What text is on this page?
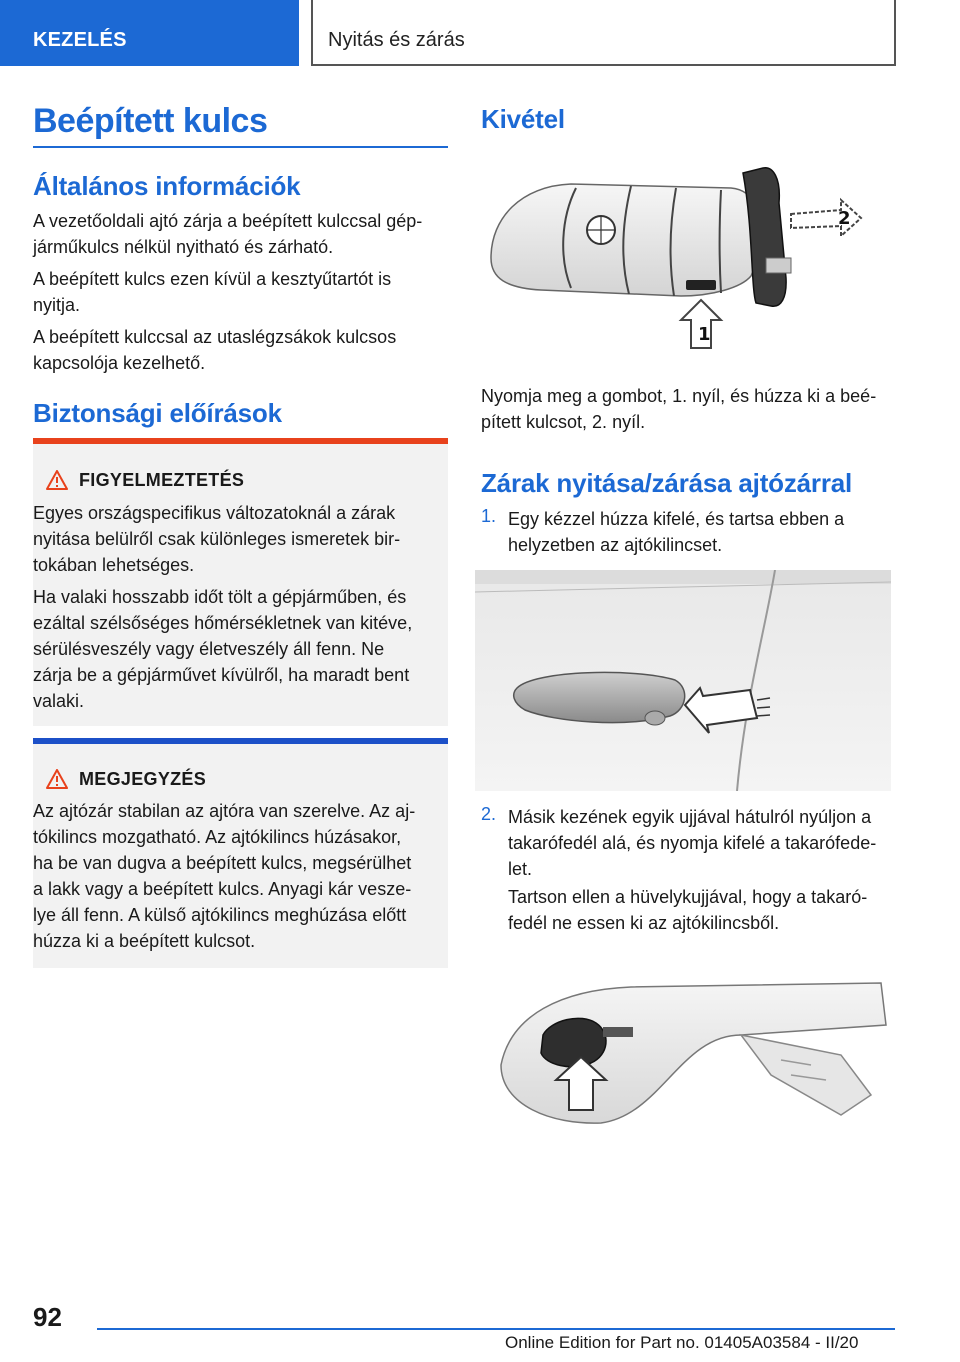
KEZELÉS	Nyitás és zárás
Beépített kulcs
Általános információk
A vezetőoldali ajtó zárja a beépített kulccsal gép-
járműkulcs nélkül nyitható és zárható.
A beépített kulcs ezen kívül a kesztyűtartót is
nyitja.
A beépített kulccsal az utaslégzsákok kulcsos
kapcsolója kezelhető.
Biztonsági előírások
FIGYELMEZTETÉS
Egyes országspecifikus változatoknál a zárak
nyitása belülről csak különleges ismeretek bir-
tokában lehetséges.
Ha valaki hosszabb időt tölt a gépjárműben, és
ezáltal szélsőséges hőmérsékletnek van kitéve,
sérülésveszély vagy életveszély áll fenn. Ne
zárja be a gépjárművet kívülről, ha maradt bent
valaki.
MEGJEGYZÉS
Az ajtózár stabilan az ajtóra van szerelve. Az aj-
tókilincs mozgatható. Az ajtókilincs húzásakor,
ha be van dugva a beépített kulcs, megsérülhet
a lakk vagy a beépített kulcs. Anyagi kár vesze-
lye áll fenn. A külső ajtókilincs meghúzása előtt
húzza ki a beépített kulcsot.
Kivétel
2
1
Nyomja meg a gombot, 1. nyíl, és húzza ki a beé-
pített kulcsot, 2. nyíl.
Zárak nyitása/zárása ajtózárral
1. Egy kézzel húzza kifelé, és tartsa ebben a
helyzetben az ajtókilincset.
2. Másik kezének egyik ujjával hátulról nyúljon a
takarófedél alá, és nyomja kifelé a takarófede-
let.
Tartson ellen a hüvelykujjával, hogy a takaró-
fedél ne essen ki az ajtókilincsből.
92
Online Edition for Part no. 01405A03584 - II/20
